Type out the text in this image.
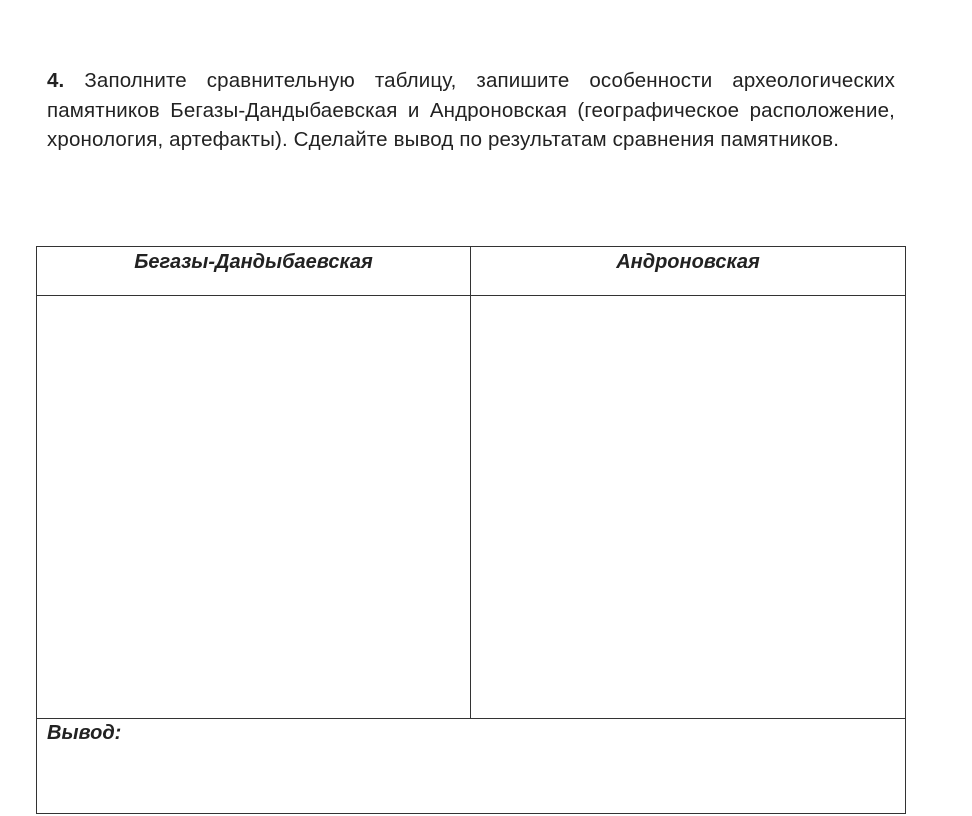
4. Заполните сравнительную таблицу, запишите особенности археологических памятников Бегазы-Дандыбаевская и Андроновская (географическое расположение, хронология, артефакты). Сделайте вывод по результатам сравнения памятников.
Бегазы-Дандыбаевская	Андроновская

Вывод:	
